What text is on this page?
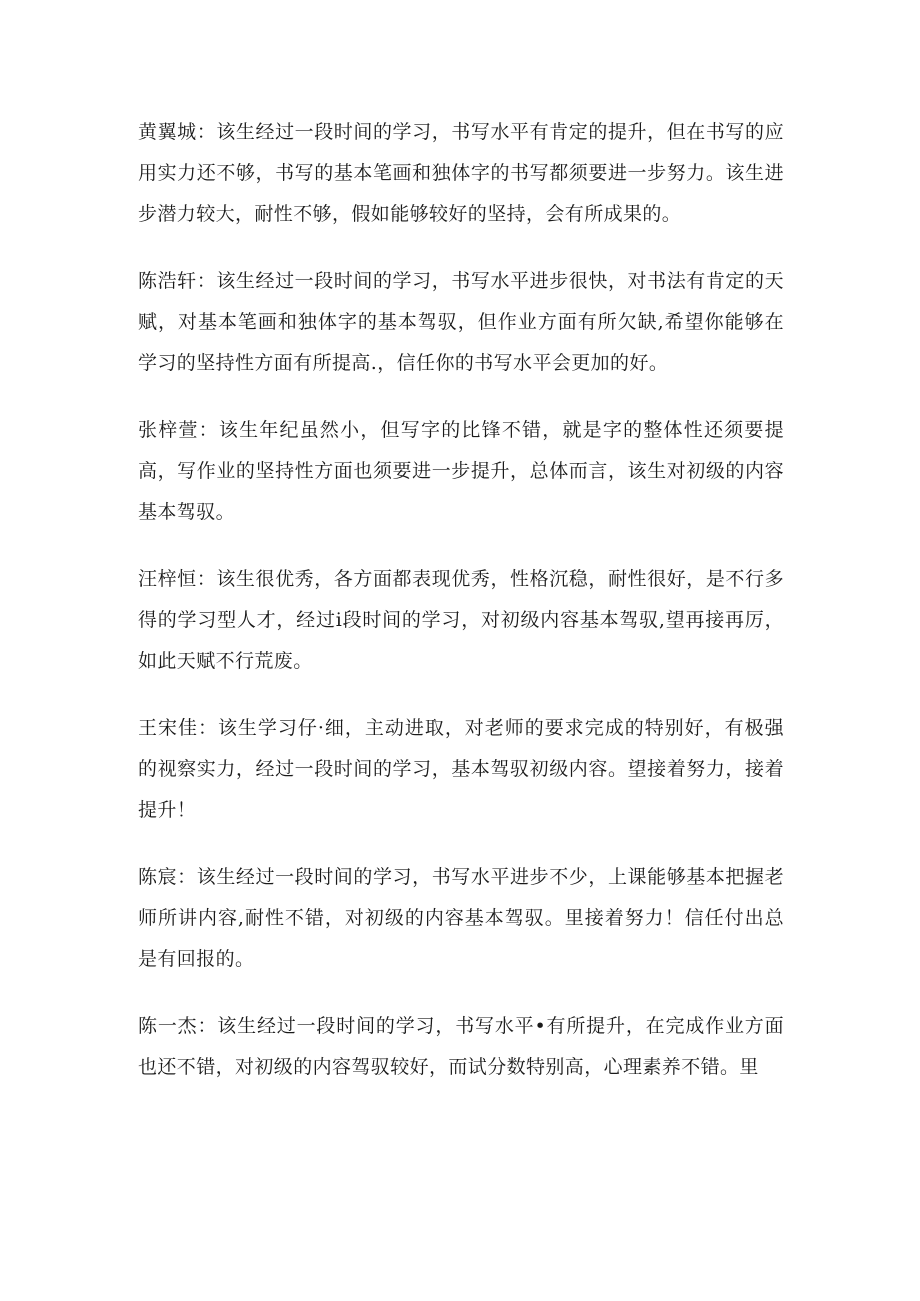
黄翼城：该生经过一段时间的学习，书写水平有肯定的提升，但在书写的应用实力还不够，书写的基本笔画和独体字的书写都须要进一步努力。该生进步潜力较大，耐性不够，假如能够较好的坚持，会有所成果的。

陈浩轩：该生经过一段时间的学习，书写水平进步很快，对书法有肯定的天赋，对基本笔画和独体字的基本驾驭，但作业方面有所欠缺,希望你能够在学习的坚持性方面有所提高.，信任你的书写水平会更加的好。

张梓萱：该生年纪虽然小，但写字的比锋不错，就是字的整体性还须要提高，写作业的坚持性方面也须要进一步提升，总体而言，该生对初级的内容基本驾驭。

汪梓恒：该生很优秀，各方面都表现优秀，性格沉稳，耐性很好，是不行多得的学习型人才，经过i段时间的学习，对初级内容基本驾驭,望再接再厉，如此天赋不行荒废。

王宋佳：该生学习仔·细，主动进取，对老师的要求完成的特别好，有极强的视察实力，经过一段时间的学习，基本驾驭初级内容。望接着努力，接着提升！

陈宸：该生经过一段时间的学习，书写水平进步不少，上课能够基本把握老师所讲内容,耐性不错，对初级的内容基本驾驭。里接着努力！信任付出总是有回报的。

陈一杰：该生经过一段时间的学习，书写水平•有所提升，在完成作业方面也还不错，对初级的内容驾驭较好，而试分数特别高，心理素养不错。里
